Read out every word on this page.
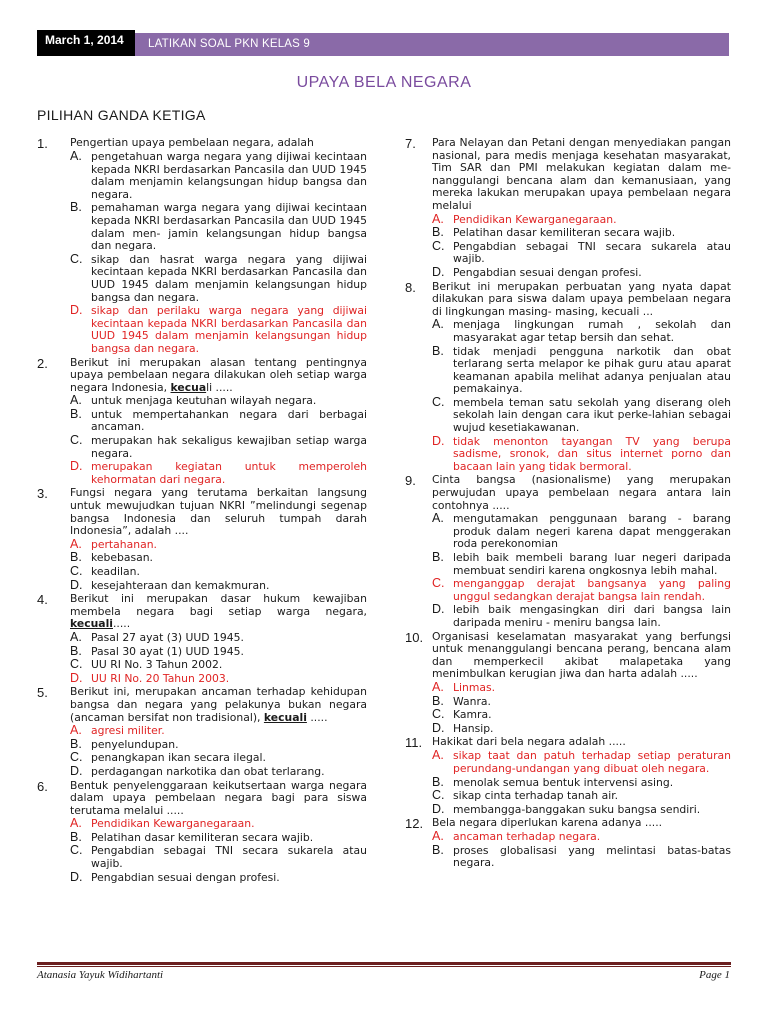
March 1, 2014	LATIKAN SOAL PKN KELAS 9
UPAYA BELA NEGARA
PILIHAN GANDA KETIGA
1.	Pengertian upaya pembelaan negara, adalah
A. pengetahuan warga negara yang dijiwai kecintaan kepada NKRI berdasarkan Pancasila dan UUD 1945 dalam menjamin kelangsungan hidup bangsa dan negara.
B. pemahaman warga negara yang dijiwai kecintaan kepada NKRI berdasarkan Pancasila dan UUD 1945 dalam men- jamin kelangsungan hidup bangsa dan negara.
C. sikap dan hasrat warga negara yang dijiwai kecintaan kepada NKRI berdasarkan Pancasila dan UUD 1945 dalam menjamin kelangsungan hidup bangsa dan negara.
D. sikap dan perilaku warga negara yang dijiwai kecintaan kepada NKRI berdasarkan Pancasila dan UUD 1945 dalam menjamin kelangsungan hidup bangsa dan negara.
2.	Berikut ini merupakan alasan tentang pentingnya upaya pembelaan negara dilakukan oleh setiap warga negara Indonesia, kecuali .....
A. untuk menjaga keutuhan wilayah negara.
B. untuk mempertahankan negara dari berbagai ancaman.
C. merupakan hak sekaligus kewajiban setiap warga negara.
D. merupakan kegiatan untuk memperoleh kehormatan dari negara.
3.	Fungsi negara yang terutama berkaitan langsung untuk mewujudkan tujuan NKRI ”melindungi segenap bangsa Indonesia dan seluruh tumpah darah Indonesia”, adalah ....
A. pertahanan.
B. kebebasan.
C. keadilan.
D. kesejahteraan dan kemakmuran.
4.	Berikut ini merupakan dasar hukum kewajiban membela negara bagi setiap warga negara, kecuali.....
A. Pasal 27 ayat (3) UUD 1945.
B. Pasal 30 ayat (1) UUD 1945.
C. UU RI No. 3 Tahun 2002.
D. UU RI No. 20 Tahun 2003.
5.	Berikut ini, merupakan ancaman terhadap kehidupan bangsa dan negara yang pelakunya bukan negara (ancaman bersifat non tradisional), kecuali .....
A. agresi militer.
B. penyelundupan.
C. penangkapan ikan secara ilegal.
D. perdagangan narkotika dan obat terlarang.
6.	Bentuk penyelenggaraan keikutsertaan warga negara dalam upaya pembelaan negara bagi para siswa terutama melalui .....
A. Pendidikan Kewarganegaraan.
B. Pelatihan dasar kemiliteran secara wajib.
C. Pengabdian sebagai TNI secara sukarela atau wajib.
D. Pengabdian sesuai dengan profesi.
7.	Para Nelayan dan Petani dengan menyediakan pangan nasional, para medis menjaga kesehatan masyarakat, Tim SAR dan PMI melakukan kegiatan dalam me-nanggulangi bencana alam dan kemanusiaan, yang mereka lakukan merupakan upaya pembelaan negara melalui
A. Pendidikan Kewarganegaraan.
B. Pelatihan dasar kemiliteran secara wajib.
C. Pengabdian sebagai TNI secara sukarela atau wajib.
D. Pengabdian sesuai dengan profesi.
8.	Berikut ini merupakan perbuatan yang nyata dapat dilakukan para siswa dalam upaya pembelaan negara di lingkungan masing- masing, kecuali ...
A. menjaga lingkungan rumah , sekolah dan masyarakat agar tetap bersih dan sehat.
B. tidak menjadi pengguna narkotik dan obat terlarang serta melapor ke pihak guru atau aparat keamanan apabila melihat adanya penjualan atau pemakainya.
C. membela teman satu sekolah yang diserang oleh sekolah lain dengan cara ikut perke-lahian sebagai wujud kesetiakawanan.
D. tidak menonton tayangan TV yang berupa sadisme, sronok, dan situs internet porno dan bacaan lain yang tidak bermoral.
9.	Cinta bangsa (nasionalisme) yang merupakan perwujudan upaya pembelaan negara antara lain contohnya .....
A. mengutamakan penggunaan barang - barang produk dalam negeri karena dapat menggerakan roda perekonomian
B. lebih baik membeli barang luar negeri daripada membuat sendiri karena ongkosnya lebih mahal.
C. menganggap derajat bangsanya yang paling unggul sedangkan derajat bangsa lain rendah.
D. lebih baik mengasingkan diri dari bangsa lain daripada meniru - meniru bangsa lain.
10. Organisasi keselamatan masyarakat yang berfungsi untuk menanggulangi bencana perang, bencana alam dan memperkecil akibat malapetaka yang menimbulkan kerugian jiwa dan harta adalah .....
A. Linmas.
B. Wanra.
C. Kamra.
D. Hansip.
11. Hakikat dari bela negara adalah .....
A. sikap taat dan patuh terhadap setiap peraturan perundang-undangan yang dibuat oleh negara.
B. menolak semua bentuk intervensi asing.
C. sikap cinta terhadap tanah air.
D. membangga-banggakan suku bangsa sendiri.
12. Bela negara diperlukan karena adanya .....
A. ancaman terhadap negara.
B. proses globalisasi yang melintasi batas-batas negara.
Atanasia Yayuk Widihartanti	Page 1
